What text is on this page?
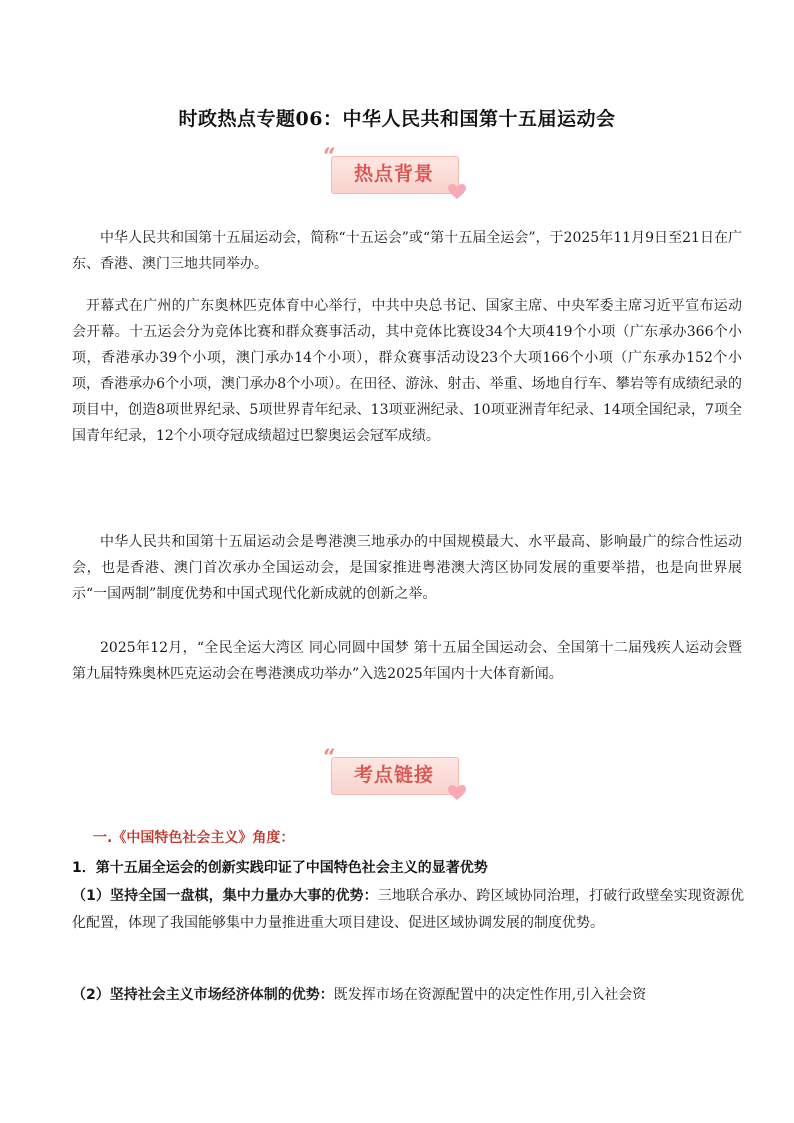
时政热点专题06：中华人民共和国第十五届运动会
“
热点背景
中华人民共和国第十五届运动会，简称“十五运会”或“第十五届全运会”，于2025年11月9日至21日在广东、香港、澳门三地共同举办。
开幕式在广州的广东奥林匹克体育中心举行，中共中央总书记、国家主席、中央军委主席习近平宣布运动会开幕。十五运会分为竞体比赛和群众赛事活动，其中竞体比赛设34个大项419个小项（广东承办366个小项，香港承办39个小项，澳门承办14个小项），群众赛事活动设23个大项166个小项（广东承办152个小项，香港承办6个小项，澳门承办8个小项）。在田径、游泳、射击、举重、场地自行车、攀岩等有成绩纪录的项目中，创造8项世界纪录、5项世界青年纪录、13项亚洲纪录、10项亚洲青年纪录、14项全国纪录，7项全国青年纪录，12个小项夺冠成绩超过巴黎奥运会冠军成绩。
中华人民共和国第十五届运动会是粤港澳三地承办的中国规模最大、水平最高、影响最广的综合性运动会，也是香港、澳门首次承办全国运动会，是国家推进粤港澳大湾区协同发展的重要举措，也是向世界展示“一国两制”制度优势和中国式现代化新成就的创新之举。
2025年12月，“全民全运大湾区 同心同圆中国梦 第十五届全国运动会、全国第十二届残疾人运动会暨第九届特殊奥林匹克运动会在粤港澳成功举办”入选2025年国内十大体育新闻。
“
考点链接
一.《中国特色社会主义》角度：
1．第十五届全运会的创新实践印证了中国特色社会主义的显著优势
（1）坚持全国一盘棋，集中力量办大事的优势：三地联合承办、跨区域协同治理，打破行政壁垒实现资源优化配置，体现了我国能够集中力量推进重大项目建设、促进区域协调发展的制度优势。
（2）坚持社会主义市场经济体制的优势：既发挥市场在资源配置中的决定性作用,引入社会资
